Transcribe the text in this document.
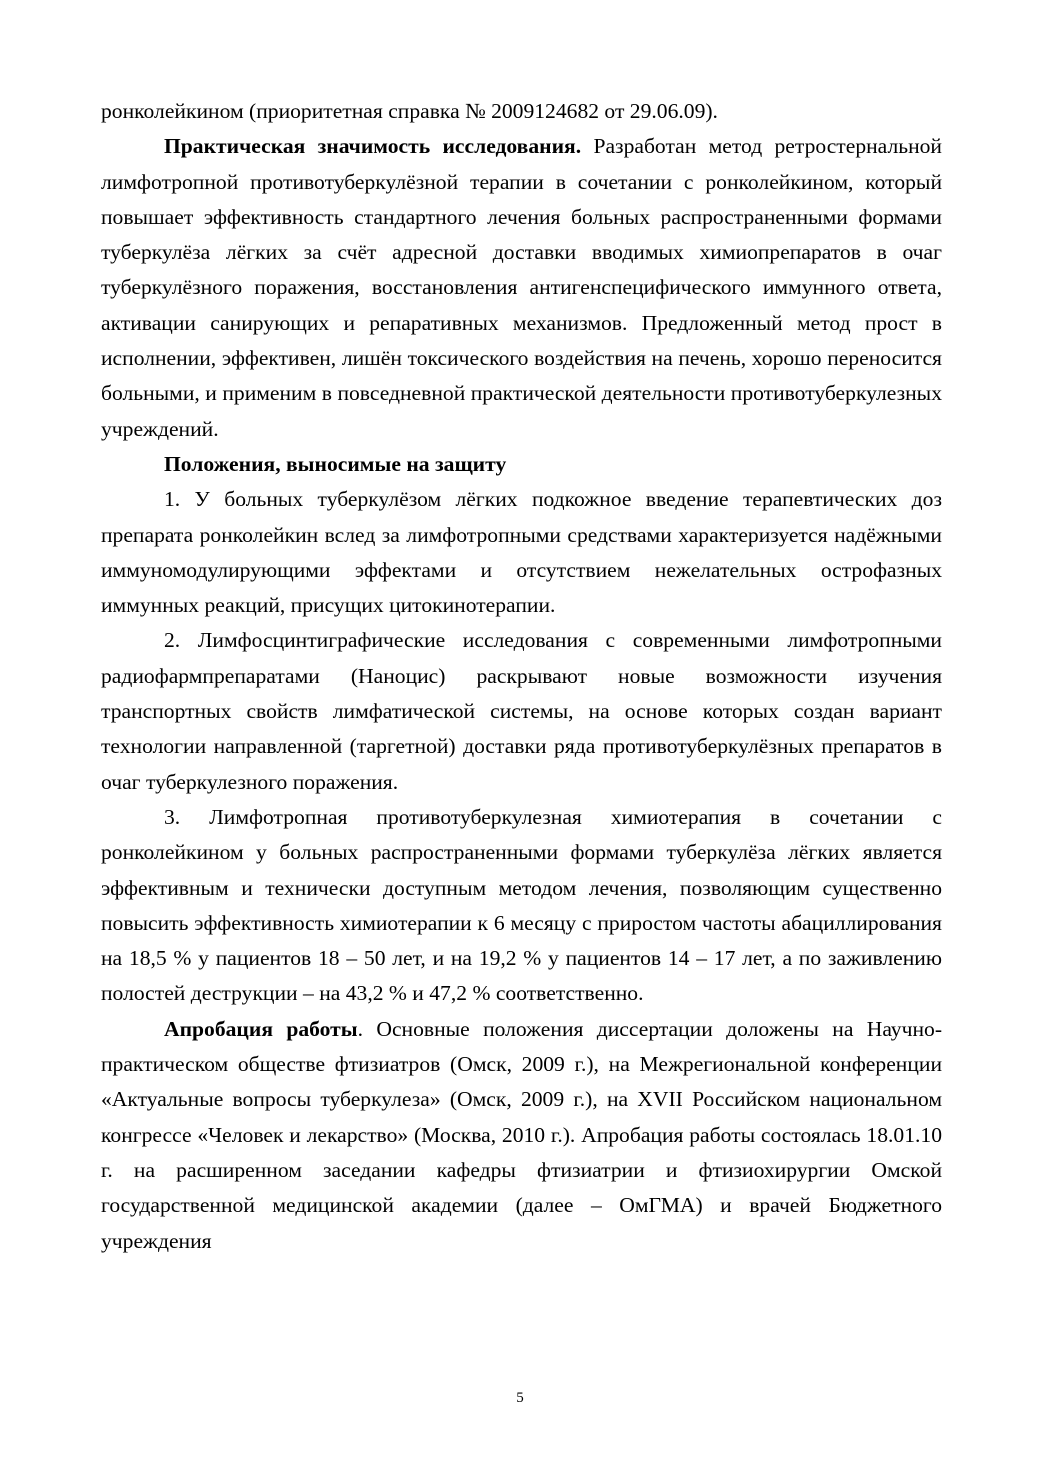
ронколейкином (приоритетная справка № 2009124682 от 29.06.09).

Практическая значимость исследования. Разработан метод ретростернальной лимфотропной противотуберкулёзной терапии в сочетании с ронколейкином, который повышает эффективность стандартного лечения больных распространенными формами туберкулёза лёгких за счёт адресной доставки вводимых химиопрепаратов в очаг туберкулёзного поражения, восстановления антигенспецифического иммунного ответа, активации санирующих и репаративных механизмов. Предложенный метод прост в исполнении, эффективен, лишён токсического воздействия на печень, хорошо переносится больными, и применим в повседневной практической деятельности противотуберкулезных учреждений.

Положения, выносимые на защиту

1. У больных туберкулёзом лёгких подкожное введение терапевтических доз препарата ронколейкин вслед за лимфотропными средствами характеризуется надёжными иммуномодулирующими эффектами и отсутствием нежелательных острофазных иммунных реакций, присущих цитокинотерапии.

2. Лимфосцинтиграфические исследования с современными лимфотропными радиофармпрепаратами (Наноцис) раскрывают новые возможности изучения транспортных свойств лимфатической системы, на основе которых создан вариант технологии направленной (таргетной) доставки ряда противотуберкулёзных препаратов в очаг туберкулезного поражения.

3. Лимфотропная противотуберкулезная химиотерапия в сочетании с ронколейкином у больных распространенными формами туберкулёза лёгких является эффективным и технически доступным методом лечения, позволяющим существенно повысить эффективность химиотерапии к 6 месяцу с приростом частоты абациллирования на 18,5 % у пациентов 18 – 50 лет, и на 19,2 % у пациентов 14 – 17 лет, а по заживлению полостей деструкции – на 43,2 % и 47,2 % соответственно.

Апробация работы. Основные положения диссертации доложены на Научно-практическом обществе фтизиатров (Омск, 2009 г.), на Межрегиональной конференции «Актуальные вопросы туберкулеза» (Омск, 2009 г.), на XVII Российском национальном конгрессе «Человек и лекарство» (Москва, 2010 г.). Апробация работы состоялась 18.01.10 г. на расширенном заседании кафедры фтизиатрии и фтизиохирургии Омской государственной медицинской академии (далее – ОмГМА) и врачей Бюджетного учреждения

5
